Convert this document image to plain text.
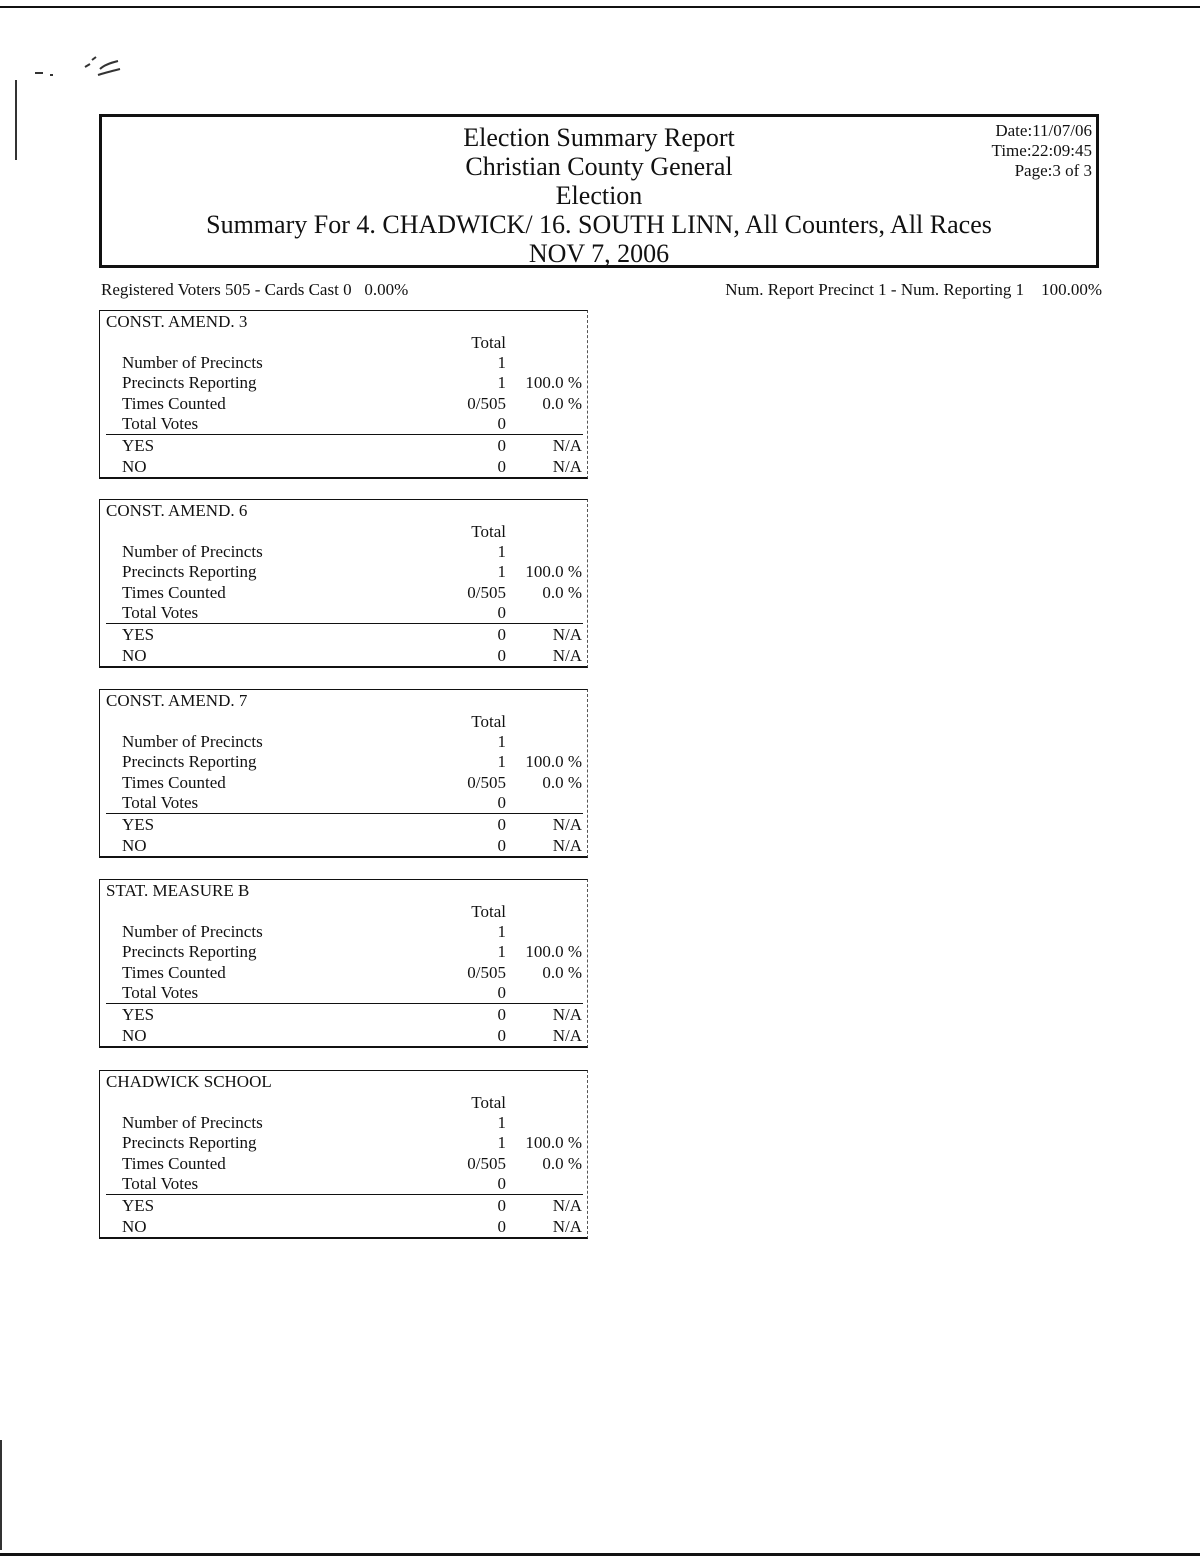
Election Summary Report
Christian County General
Election
Summary For 4. CHADWICK/ 16. SOUTH LINN, All Counters, All Races
NOV 7, 2006
Date:11/07/06
Time:22:09:45
Page:3 of 3
Registered Voters 505 - Cards Cast 0   0.00%	Num. Report Precinct 1 - Num. Reporting 1    100.00%
CONST. AMEND. 3
Total
Number of Precincts	1
Precincts Reporting	1 100.0 %
Times Counted	0/505 0.0 %
Total Votes	0
YES	0	N/A
NO	0	N/A
CONST. AMEND. 6
Total
Number of Precincts	1
Precincts Reporting	1 100.0 %
Times Counted	0/505 0.0 %
Total Votes	0
YES	0	N/A
NO	0	N/A
CONST. AMEND. 7
Total
Number of Precincts	1
Precincts Reporting	1 100.0 %
Times Counted	0/505 0.0 %
Total Votes	0
YES	0	N/A
NO	0	N/A
STAT. MEASURE B
Total
Number of Precincts	1
Precincts Reporting	1 100.0 %
Times Counted	0/505 0.0 %
Total Votes	0
YES	0	N/A
NO	0	N/A
CHADWICK SCHOOL
Total
Number of Precincts	1
Precincts Reporting	1 100.0 %
Times Counted	0/505 0.0 %
Total Votes	0
YES	0	N/A
NO	0	N/A
